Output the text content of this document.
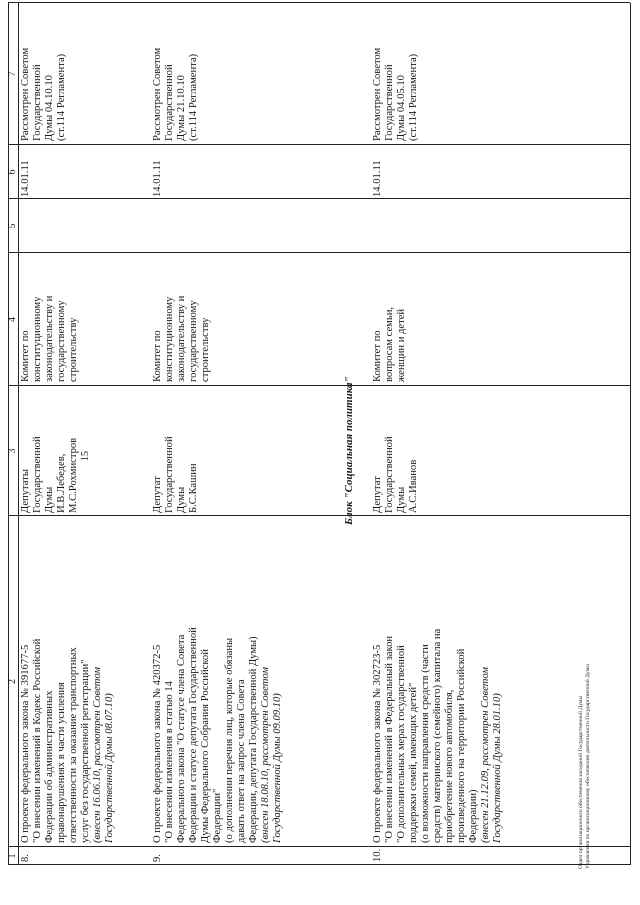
15
1
2
3
4
5
6
7
8.
О проекте федерального закона № 391677-5 "О внесении изменений в Кодекс Российской Федерации об административных правонарушениях в части усиления ответственности за оказание транспортных услуг без государственной регистрации" (внесен 16.06.10, рассмотрен Советом Государственной Думы 08.07.10)
Депутаты Государственной Думы И.В.Лебедев, М.С.Рохмистров
Комитет по конституционному законодательству и государственному строительству
14.01.11
Рассмотрен Советом Государственной Думы 04.10.10 (ст.114 Регламента)
9.
О проекте федерального закона № 420372-5 "О внесении изменения в статью 14 Федерального закона "О статусе члена Совета Федерации и статусе депутата Государственной Думы Федерального Собрания Российской Федерации" (о дополнении перечня лиц, которые обязаны давать ответ на запрос члена Совета Федерации, депутата Государственной Думы) (внесен 18.08.10, рассмотрен Советом Государственной Думы 09.09.10)
Депутат Государственной Думы Б.С.Кашин
Комитет по конституционному законодательству и государственному строительству
14.01.11
Рассмотрен Советом Государственной Думы 21.10.10 (ст.114 Регламента)
Блок "Социальная политика"
10.
О проекте федерального закона № 302723-5 "О внесении изменений в Федеральный закон "О дополнительных мерах государственной поддержки семей, имеющих детей" (о возможности направления средств (части средств) материнского (семейного) капитала на приобретение нового автомобиля, произведенного на территории Российской Федерации) (внесен 21.12.09, рассмотрен Советом Государственной Думы 28.01.10)
Депутат Государственной Думы А.С.Иванов
Комитет по вопросам семьи, женщин и детей
14.01.11
Рассмотрен Советом Государственной Думы 04.05.10 (ст.114 Регламента)
Отдел организационного обеспечения заседаний Государственной Думы Управления по организационному обеспечению деятельности Государственной Думы
